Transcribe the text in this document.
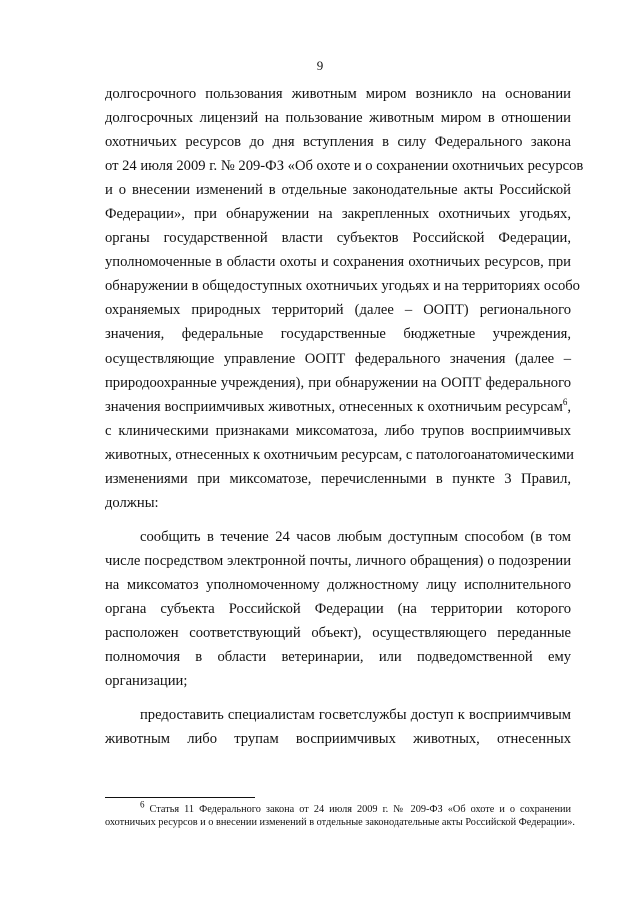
9
долгосрочного пользования животным миром возникло на основании
долгосрочных лицензий на пользование животным миром в отношении
охотничьих ресурсов до дня вступления в силу Федерального закона
от 24 июля 2009 г. № 209-ФЗ «Об охоте и о сохранении охотничьих ресурсов
и о внесении изменений в отдельные законодательные акты Российской
Федерации», при обнаружении на закрепленных охотничьих угодьях,
органы государственной власти субъектов Российской Федерации,
уполномоченные в области охоты и сохранения охотничьих ресурсов, при
обнаружении в общедоступных охотничьих угодьях и на территориях особо
охраняемых природных территорий (далее – ООПТ) регионального
значения, федеральные государственные бюджетные учреждения,
осуществляющие управление ООПТ федерального значения (далее –
природоохранные учреждения), при обнаружении на ООПТ федерального
значения восприимчивых животных, отнесенных к охотничьим ресурсам$^6$,
с клиническими признаками миксоматоза, либо трупов восприимчивых
животных, отнесенных к охотничьим ресурсам, с патологоанатомическими
изменениями при миксоматозе, перечисленными в пункте 3 Правил,
должны:
сообщить в течение 24 часов любым доступным способом (в том
числе посредством электронной почты, личного обращения) о подозрении
на миксоматоз уполномоченному должностному лицу исполнительного
органа субъекта Российской Федерации (на территории которого
расположен соответствующий объект), осуществляющего переданные
полномочия в области ветеринарии, или подведомственной ему
организации;
предоставить специалистам госветслужбы доступ к восприимчивым
животным либо трупам восприимчивых животных, отнесенных
$^6$ Статья 11 Федерального закона от 24 июля 2009 г. № 209-ФЗ «Об охоте и о сохранении
охотничьих ресурсов и о внесении изменений в отдельные законодательные акты Российской Федерации».
